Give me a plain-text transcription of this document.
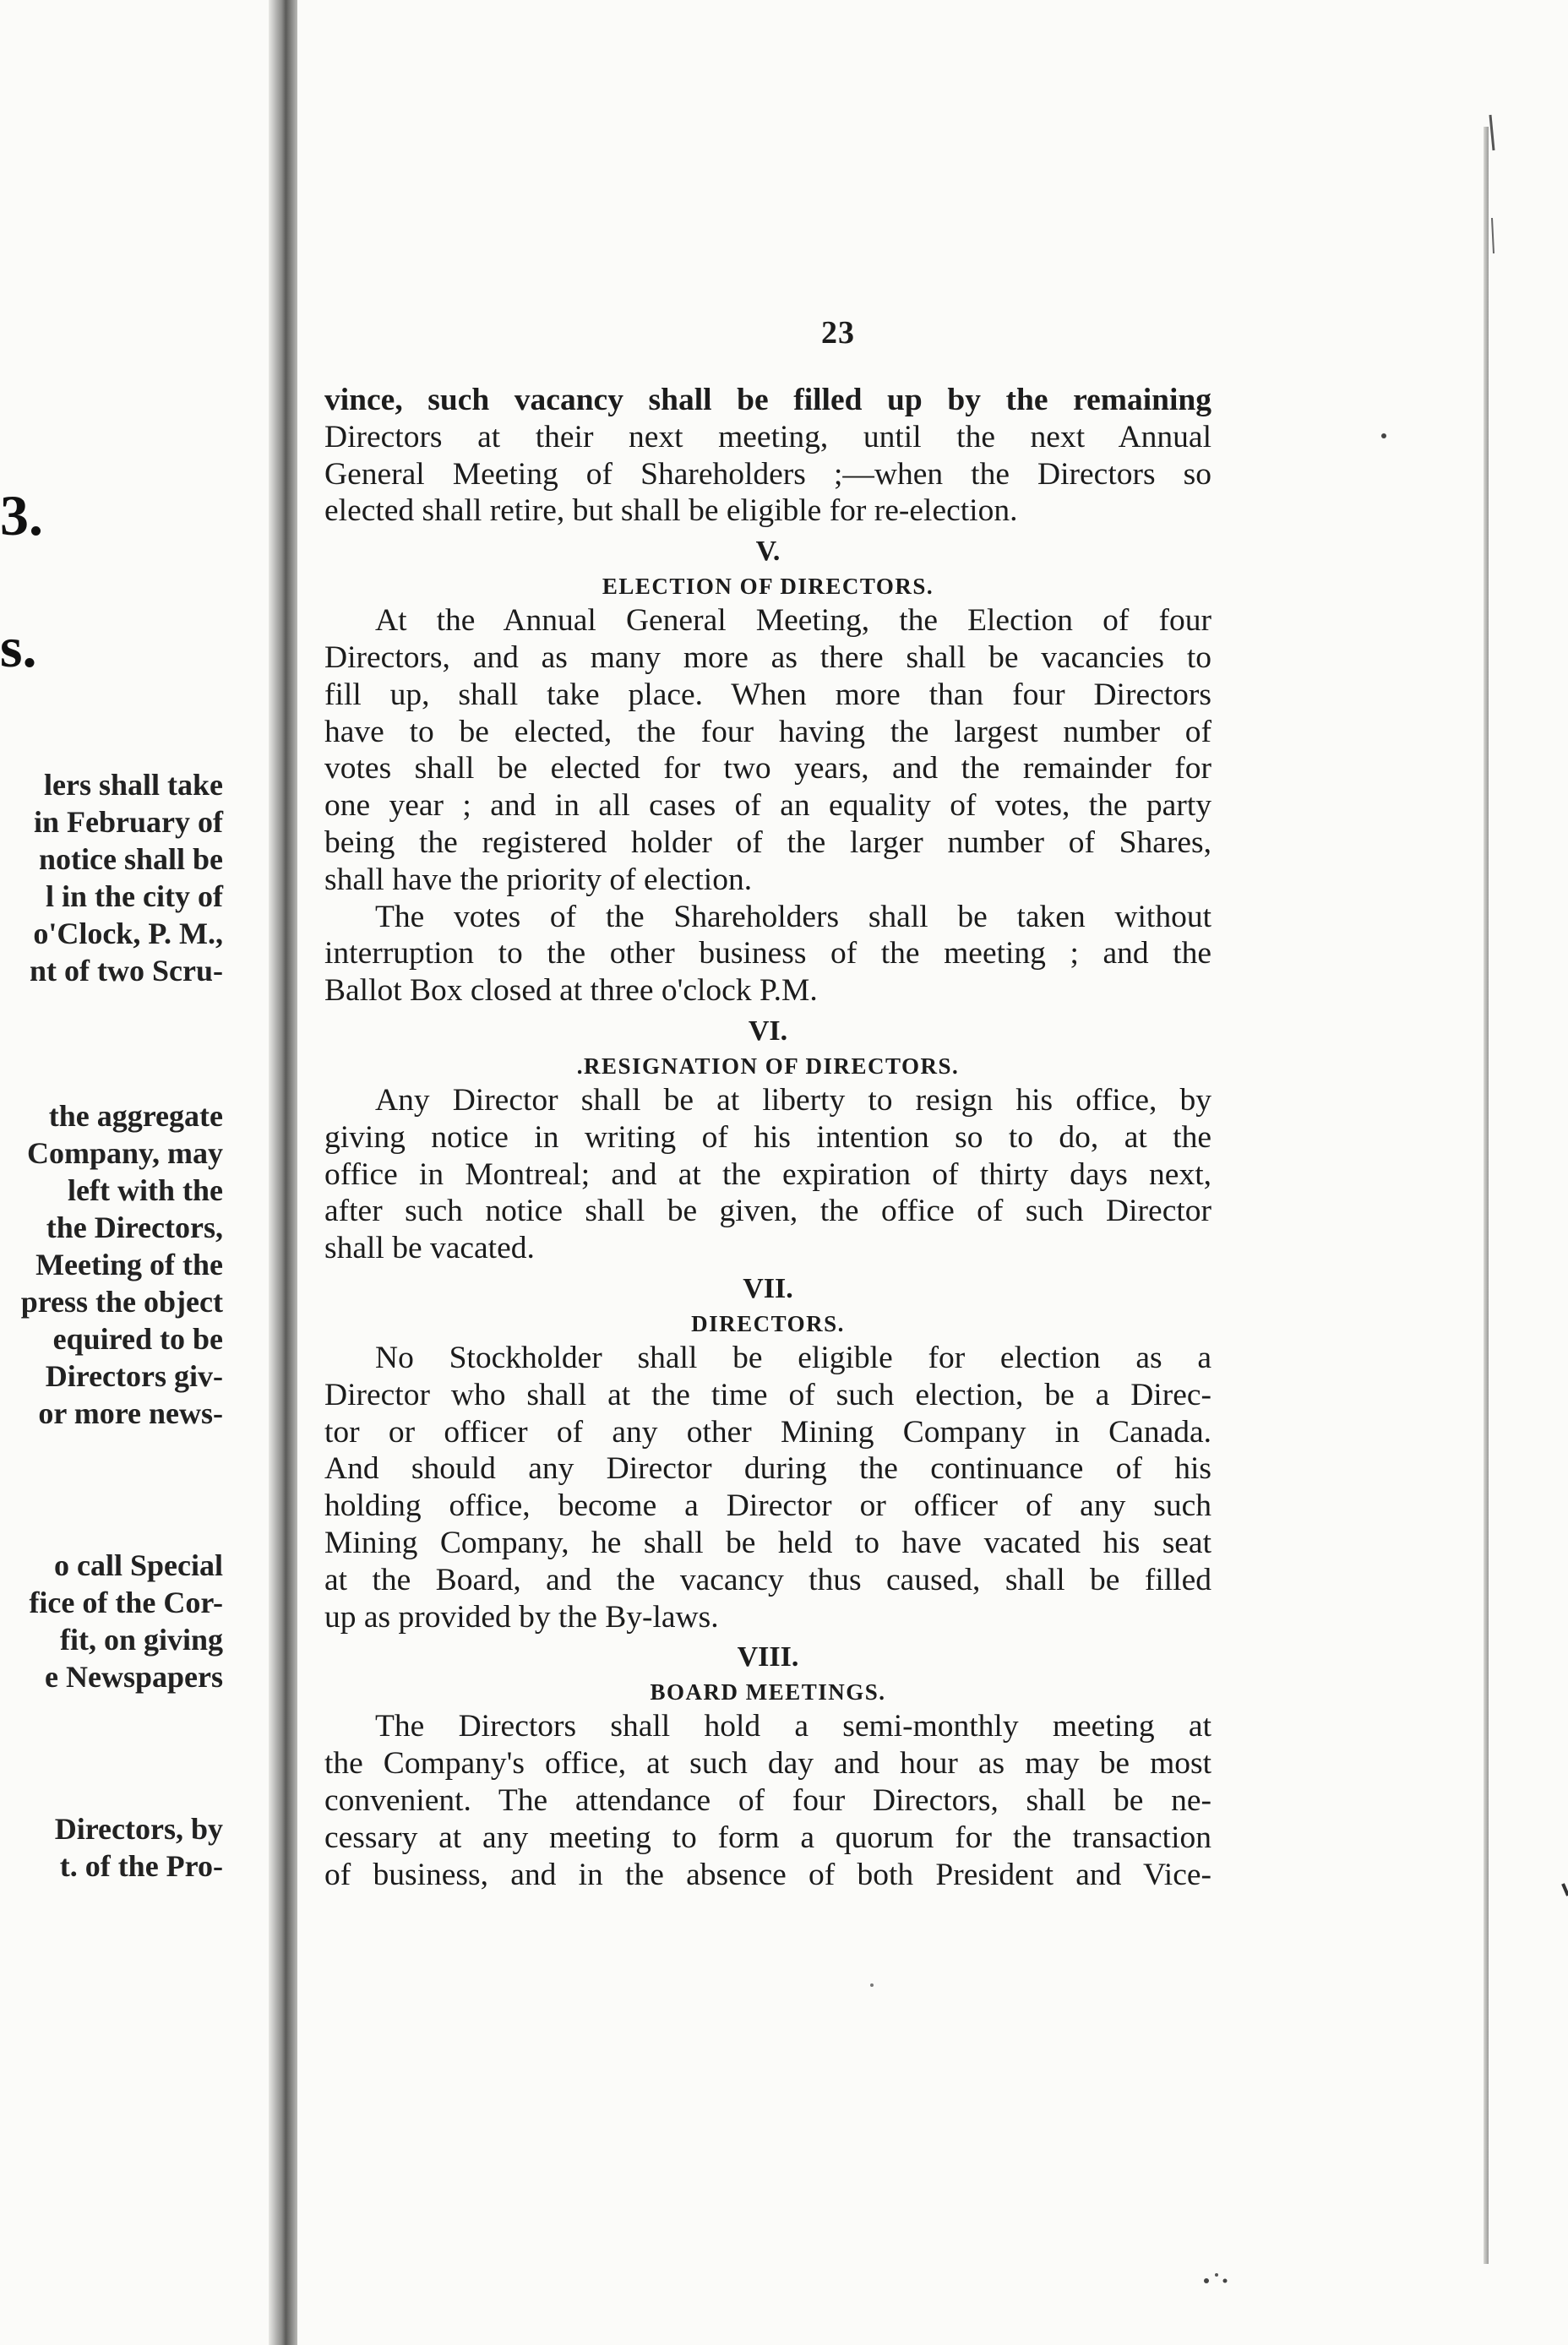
3.
s.
lers shall take
in February of
notice shall be
l in the city of
o'Clock, P. M.,
nt of two Scru-
the aggregate
Company, may
left with the
the Directors,
Meeting of the
press the object
equired to be
Directors giv-
or more news-
o call Special
fice of the Cor-
fit, on giving
e Newspapers
Directors, by
t. of the Pro-
23
vince, such vacancy shall be filled up by the remaining
Directors at their next meeting, until the next Annual
General Meeting of Shareholders ;—when the Directors so
elected shall retire, but shall be eligible for re-election.
V.
ELECTION OF DIRECTORS.
At the Annual General Meeting, the Election of four
Directors, and as many more as there shall be vacancies to
fill up, shall take place. When more than four Directors
have to be elected, the four having the largest number of
votes shall be elected for two years, and the remainder for
one year ; and in all cases of an equality of votes, the party
being the registered holder of the larger number of Shares,
shall have the priority of election.
The votes of the Shareholders shall be taken without
interruption to the other business of the meeting ; and the
Ballot Box closed at three o'clock P.M.
VI.
.RESIGNATION OF DIRECTORS.
Any Director shall be at liberty to resign his office, by
giving notice in writing of his intention so to do, at the
office in Montreal; and at the expiration of thirty days next,
after such notice shall be given, the office of such Director
shall be vacated.
VII.
DIRECTORS.
No Stockholder shall be eligible for election as a
Director who shall at the time of such election, be a Direc-
tor or officer of any other Mining Company in Canada.
And should any Director during the continuance of his
holding office, become a Director or officer of any such
Mining Company, he shall be held to have vacated his seat
at the Board, and the vacancy thus caused, shall be filled
up as provided by the By-laws.
VIII.
BOARD MEETINGS.
The Directors shall hold a semi-monthly meeting at
the Company's office, at such day and hour as may be most
convenient. The attendance of four Directors, shall be ne-
cessary at any meeting to form a quorum for the transaction
of business, and in the absence of both President and Vice-
